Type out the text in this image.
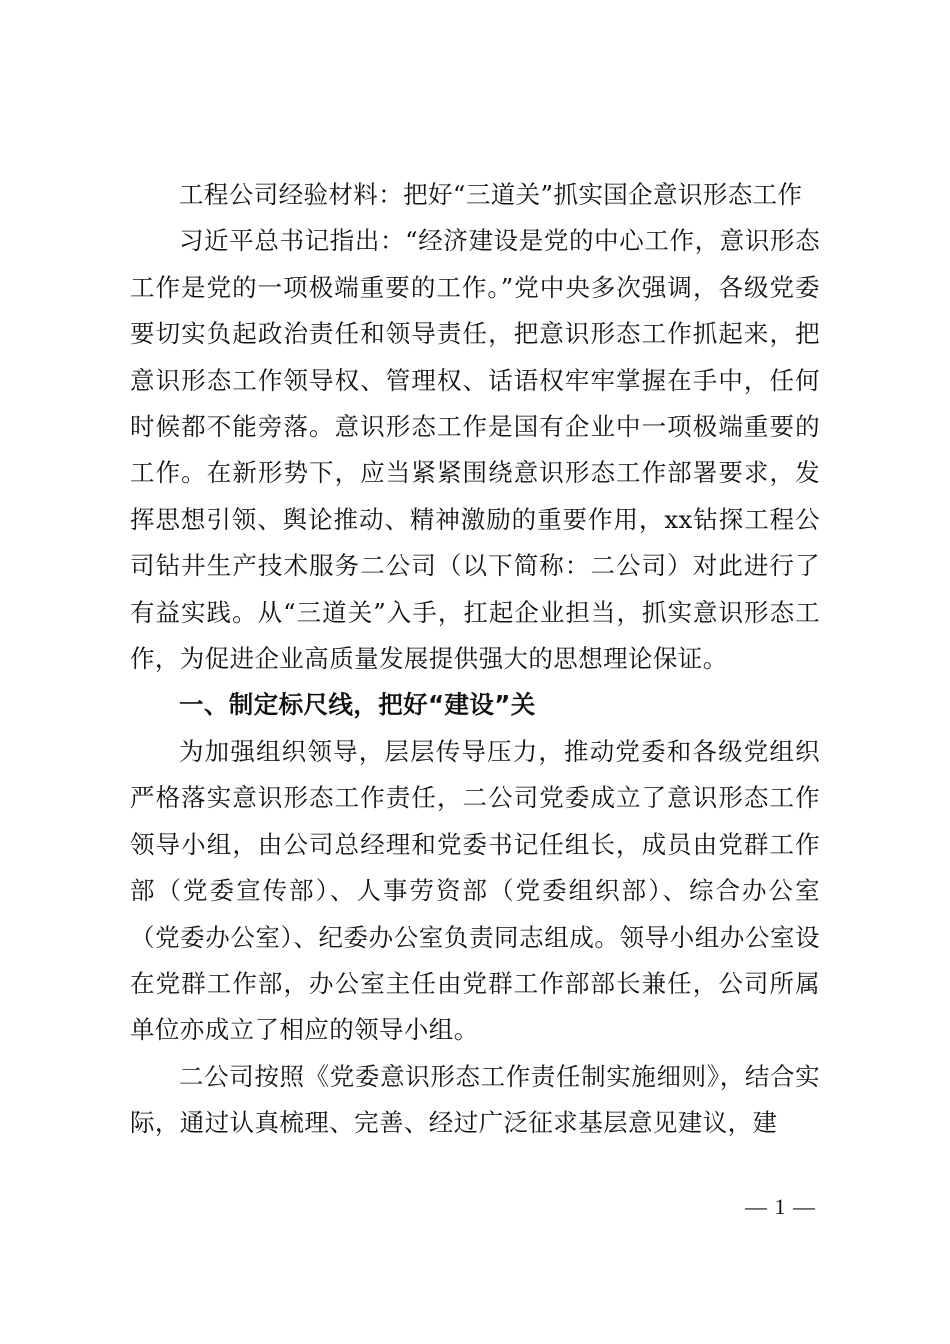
工程公司经验材料：把好“三道关”抓实国企意识形态工作

习近平总书记指出：“经济建设是党的中心工作，意识形态工作是党的一项极端重要的工作。”党中央多次强调，各级党委要切实负起政治责任和领导责任，把意识形态工作抓起来，把意识形态工作领导权、管理权、话语权牢牢掌握在手中，任何时候都不能旁落。意识形态工作是国有企业中一项极端重要的工作。在新形势下，应当紧紧围绕意识形态工作部署要求，发挥思想引领、舆论推动、精神激励的重要作用，xx钻探工程公司钻井生产技术服务二公司（以下简称：二公司）对此进行了有益实践。从“三道关”入手，扛起企业担当，抓实意识形态工作，为促进企业高质量发展提供强大的思想理论保证。

一、制定标尺线，把好“建设”关

为加强组织领导，层层传导压力，推动党委和各级党组织严格落实意识形态工作责任，二公司党委成立了意识形态工作领导小组，由公司总经理和党委书记任组长，成员由党群工作部（党委宣传部）、人事劳资部（党委组织部）、综合办公室（党委办公室）、纪委办公室负责同志组成。领导小组办公室设在党群工作部，办公室主任由党群工作部部长兼任，公司所属单位亦成立了相应的领导小组。

二公司按照《党委意识形态工作责任制实施细则》，结合实际，通过认真梳理、完善、经过广泛征求基层意见建议，建

— 1 —
